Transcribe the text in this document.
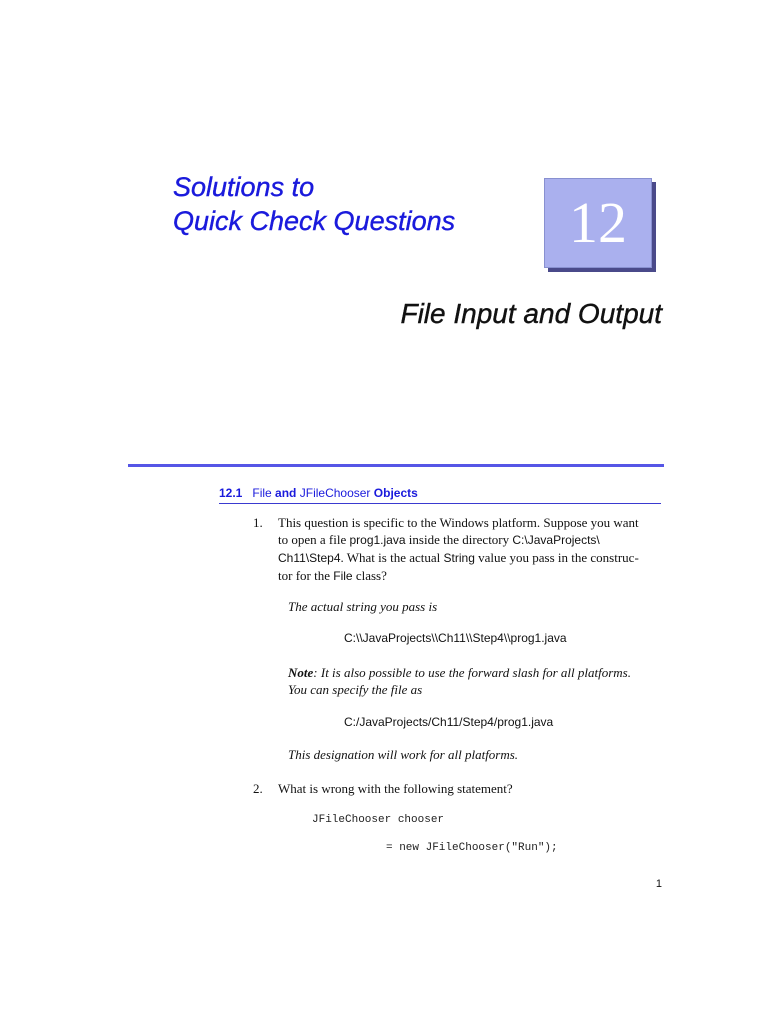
Solutions to
Quick Check Questions 12
File Input and Output
12.1 File and JFileChooser Objects
1. This question is specific to the Windows platform. Suppose you want
to open a file prog1.java inside the directory C:\JavaProjects\
Ch11\Step4. What is the actual String value you pass in the construc-
tor for the File class?
The actual string you pass is
C:\\JavaProjects\\Ch11\\Step4\\prog1.java
Note: It is also possible to use the forward slash for all platforms.
You can specify the file as
C:/JavaProjects/Ch11/Step4/prog1.java
This designation will work for all platforms.
2. What is wrong with the following statement?
JFileChooser chooser
= new JFileChooser("Run");
1
